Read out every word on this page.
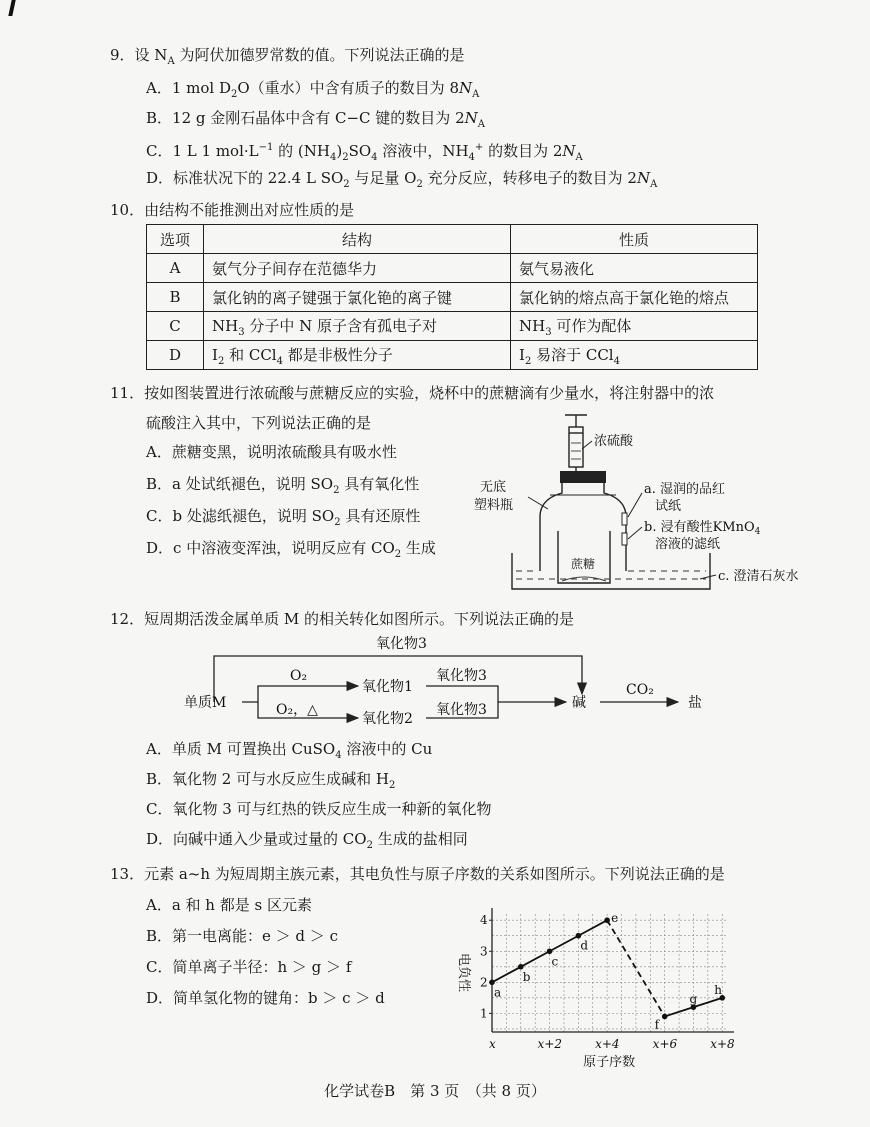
9．设 $N_A$ 为阿伏加德罗常数的值。下列说法正确的是
A．1 mol $D_2O$（重水）中含有质子的数目为 $8N_A$
B．12 g 金刚石晶体中含有 C−C 键的数目为 $2N_A$
C．1 L 1 $mol\cdot L^{-1}$ 的 $(NH_4)_2SO_4$ 溶液中，$NH_4^+$ 的数目为 $2N_A$
D．标准状况下的 22.4 L $SO_2$ 与足量 $O_2$ 充分反应，转移电子的数目为 $2N_A$
10．由结构不能推测出对应性质的是
选项	结构	性质
A	氨气分子间存在范德华力	氨气易液化
B	氯化钠的离子键强于氯化铯的离子键	氯化钠的熔点高于氯化铯的熔点
C	$NH_3$ 分子中 N 原子含有孤电子对	$NH_3$ 可作为配体
D	$I_2$ 和 CCl$_4$ 都是非极性分子	$I_2$ 易溶于 CCl$_4$
11．按如图装置进行浓硫酸与蔗糖反应的实验，烧杯中的蔗糖滴有少量水，将注射器中的浓
硫酸注入其中，下列说法正确的是
A．蔗糖变黑，说明浓硫酸具有吸水性
B．a 处试纸褪色，说明 $SO_2$ 具有氧化性
C．b 处滤纸褪色，说明 $SO_2$ 具有还原性
D．c 中溶液变浑浊，说明反应有 $CO_2$ 生成
蔗糖
浓硫酸
无底
塑料瓶
a. 湿润的品红
试纸
b. 浸有酸性KMnO$_4$
溶液的滤纸
c. 澄清石灰水
12．短周期活泼金属单质 M 的相关转化如图所示。下列说法正确的是
氧化物3
单质M
O₂
O₂，△
氧化物1
氧化物2
氧化物3
氧化物3	碱
CO₂
盐
A．单质 M 可置换出 CuSO$_4$ 溶液中的 Cu
B．氧化物 2 可与水反应生成碱和 $H_2$
C．氧化物 3 可与红热的铁反应生成一种新的氧化物
D．向碱中通入少量或过量的 $CO_2$ 生成的盐相同
13．元素 a~h 为短周期主族元素，其电负性与原子序数的关系如图所示。下列说法正确的是
A．a 和 h 都是 s 区元素
B．第一电离能：e ＞ d ＞ c
C．简单离子半径：h ＞ g ＞ f
D．简单氢化物的键角：b ＞ c ＞ d
1
2
3
4
x	x+2	x+4	x+6	x+8
原子序数
电负性
a
b
c
d
e
f
g
h
化学试卷B　第 3 页　（共 8 页）
